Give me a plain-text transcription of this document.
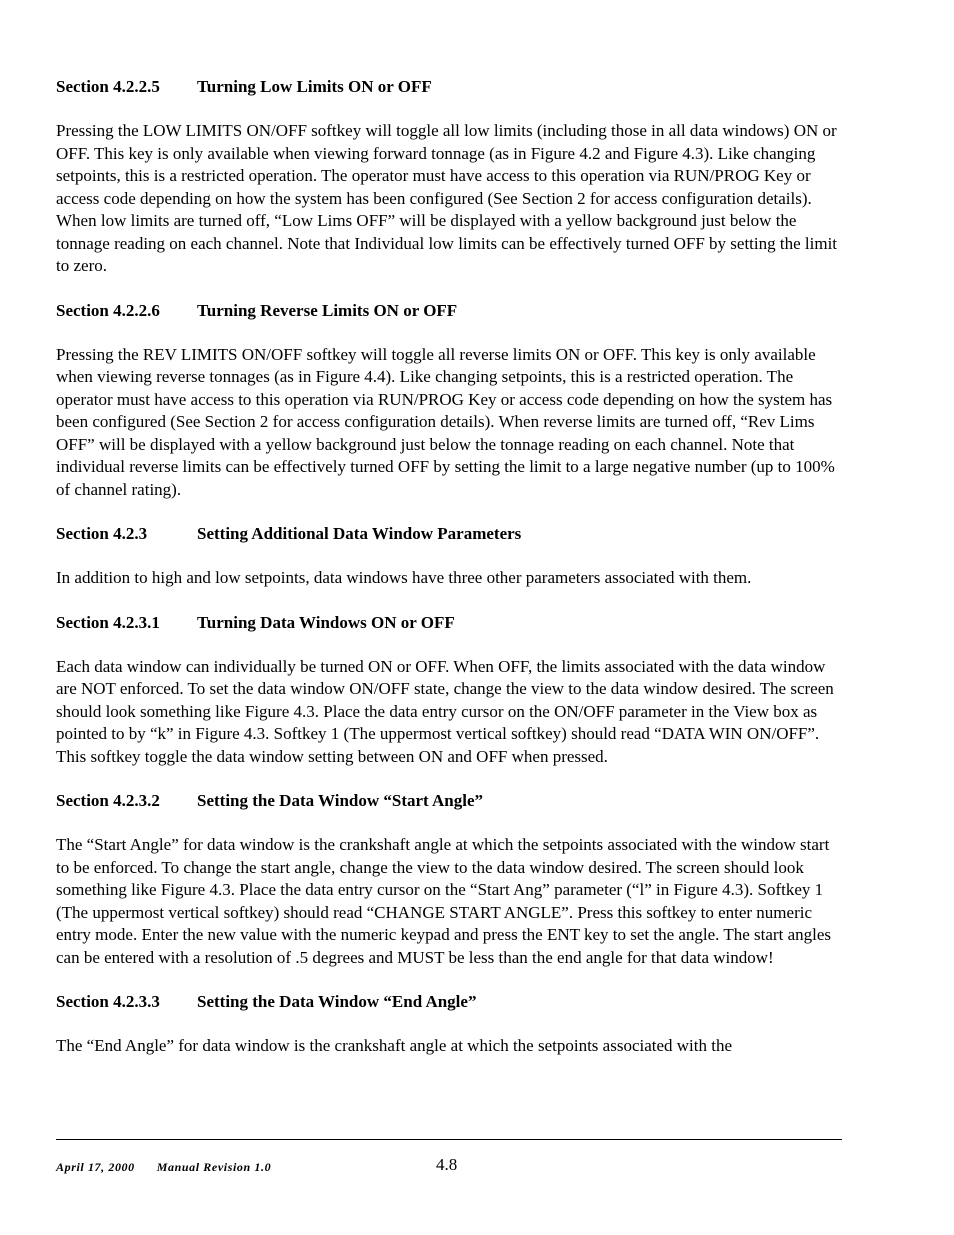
Section 4.2.2.5 Turning Low Limits ON or OFF

Pressing the LOW LIMITS ON/OFF softkey will toggle all low limits (including those in all data windows) ON or OFF. This key is only available when viewing forward tonnage (as in Figure 4.2 and Figure 4.3). Like changing setpoints, this is a restricted operation. The operator must have access to this operation via RUN/PROG Key or access code depending on how the system has been configured (See Section 2 for access configuration details). When low limits are turned off, “Low Lims OFF” will be displayed with a yellow background just below the tonnage reading on each channel. Note that Individual low limits can be effectively turned OFF by setting the limit to zero.

Section 4.2.2.6 Turning Reverse Limits ON or OFF

Pressing the REV LIMITS ON/OFF softkey will toggle all reverse limits ON or OFF. This key is only available when viewing reverse tonnages (as in Figure 4.4). Like changing setpoints, this is a restricted operation. The operator must have access to this operation via RUN/PROG Key or access code depending on how the system has been configured (See Section 2 for access configuration details). When reverse limits are turned off, “Rev Lims OFF” will be displayed with a yellow background just below the tonnage reading on each channel. Note that individual reverse limits can be effectively turned OFF by setting the limit to a large negative number (up to 100% of channel rating).

Section 4.2.3	Setting Additional Data Window Parameters

In addition to high and low setpoints, data windows have three other parameters associated with them.

Section 4.2.3.1 Turning Data Windows ON or OFF

Each data window can individually be turned ON or OFF. When OFF, the limits associated with the data window are NOT enforced. To set the data window ON/OFF state, change the view to the data window desired. The screen should look something like Figure 4.3. Place the data entry cursor on the ON/OFF parameter in the View box as pointed to by “k” in Figure 4.3. Softkey 1 (The uppermost vertical softkey) should read “DATA WIN ON/OFF”. This softkey toggle the data window setting between ON and OFF when pressed.

Section 4.2.3.2 Setting the Data Window “Start Angle”

The “Start Angle” for data window is the crankshaft angle at which the setpoints associated with the window start to be enforced. To change the start angle, change the view to the data window desired. The screen should look something like Figure 4.3. Place the data entry cursor on the “Start Ang” parameter (“l” in Figure 4.3). Softkey 1 (The uppermost vertical softkey) should read “CHANGE START ANGLE”. Press this softkey to enter numeric entry mode. Enter the new value with the numeric keypad and press the ENT key to set the angle. The start angles can be entered with a resolution of .5 degrees and MUST be less than the end angle for that data window!

Section 4.2.3.3 Setting the Data Window “End Angle”

The “End Angle” for data window is the crankshaft angle at which the setpoints associated with the

April 17, 2000 Manual Revision 1.0	4.8
